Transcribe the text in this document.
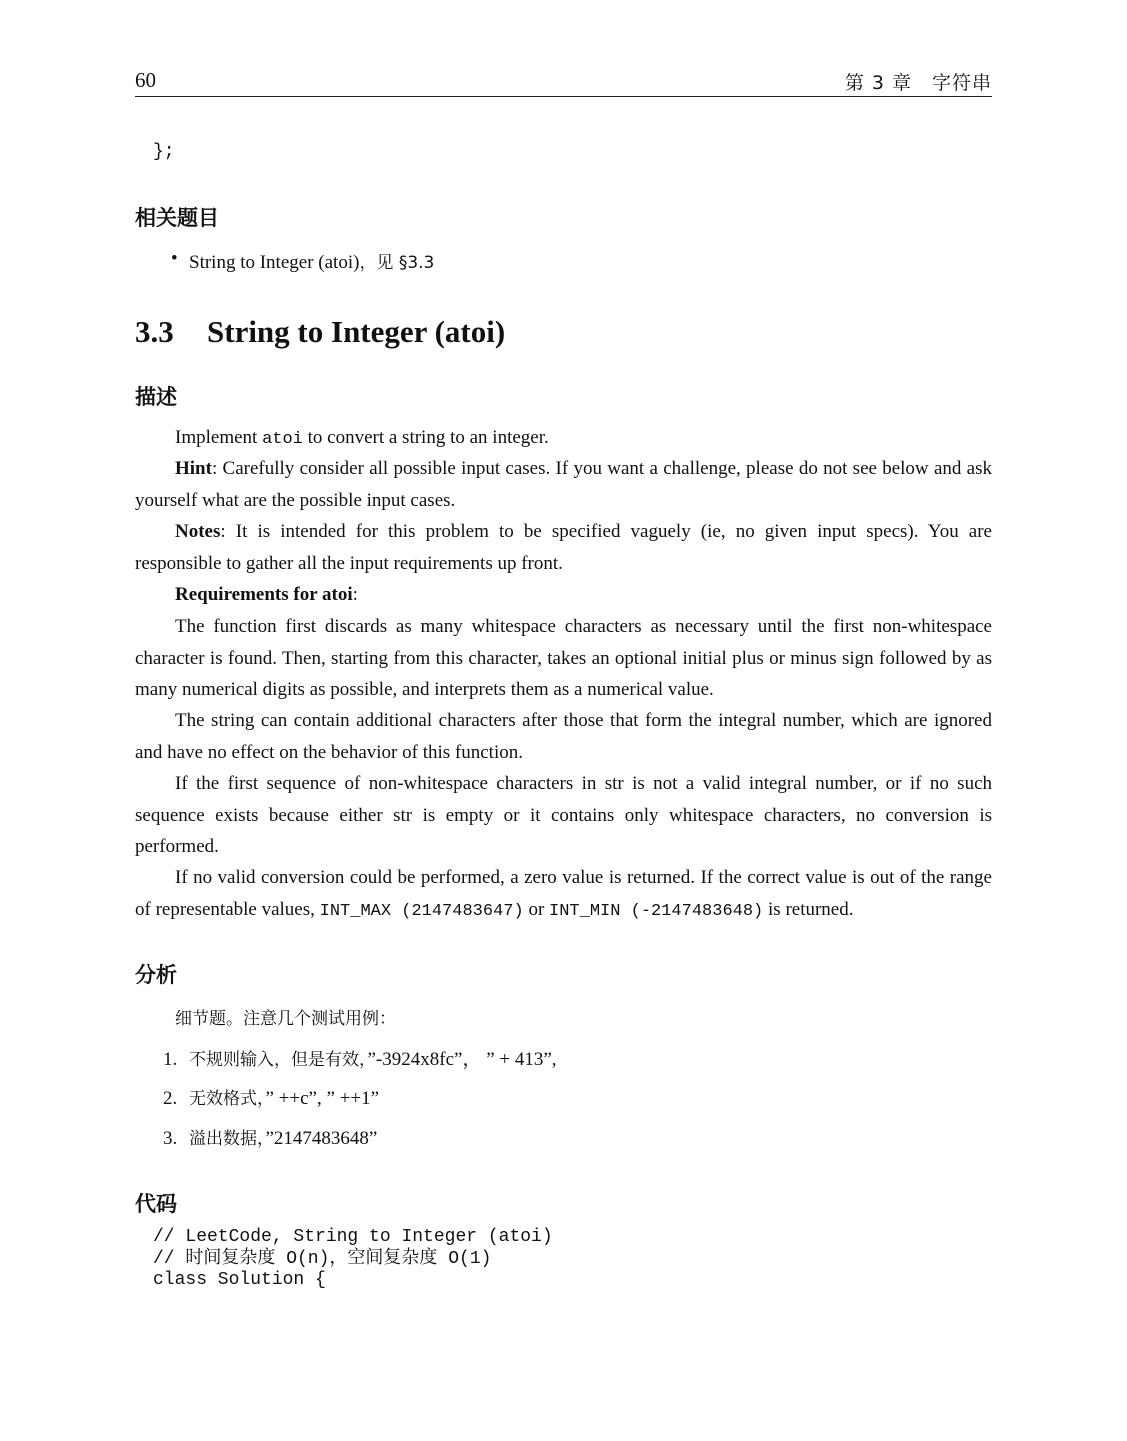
60	第 3 章　字符串
};
相关题目
• String to Integer (atoi)，见 §3.3
3.3 String to Integer (atoi)
描述
Implement atoi to convert a string to an integer.
Hint: Carefully consider all possible input cases. If you want a challenge, please do not see below and ask yourself what are the possible input cases.
Notes: It is intended for this problem to be specified vaguely (ie, no given input specs). You are responsible to gather all the input requirements up front.
Requirements for atoi:
The function first discards as many whitespace characters as necessary until the first non-whitespace character is found. Then, starting from this character, takes an optional initial plus or minus sign followed by as many numerical digits as possible, and interprets them as a numerical value.
The string can contain additional characters after those that form the integral number, which are ignored and have no effect on the behavior of this function.
If the first sequence of non-whitespace characters in str is not a valid integral number, or if no such sequence exists because either str is empty or it contains only whitespace characters, no conversion is performed.
If no valid conversion could be performed, a zero value is returned. If the correct value is out of the range of representable values, INT_MAX (2147483647) or INT_MIN (-2147483648) is returned.
分析
细节题。注意几个测试用例：
1. 不规则输入，但是有效，”-3924x8fc”， ” + 413”,
2. 无效格式，” ++c”, ” ++1”
3. 溢出数据，”2147483648”
代码
// LeetCode, String to Integer (atoi)
// 时间复杂度 O(n)，空间复杂度 O(1)
class Solution {
